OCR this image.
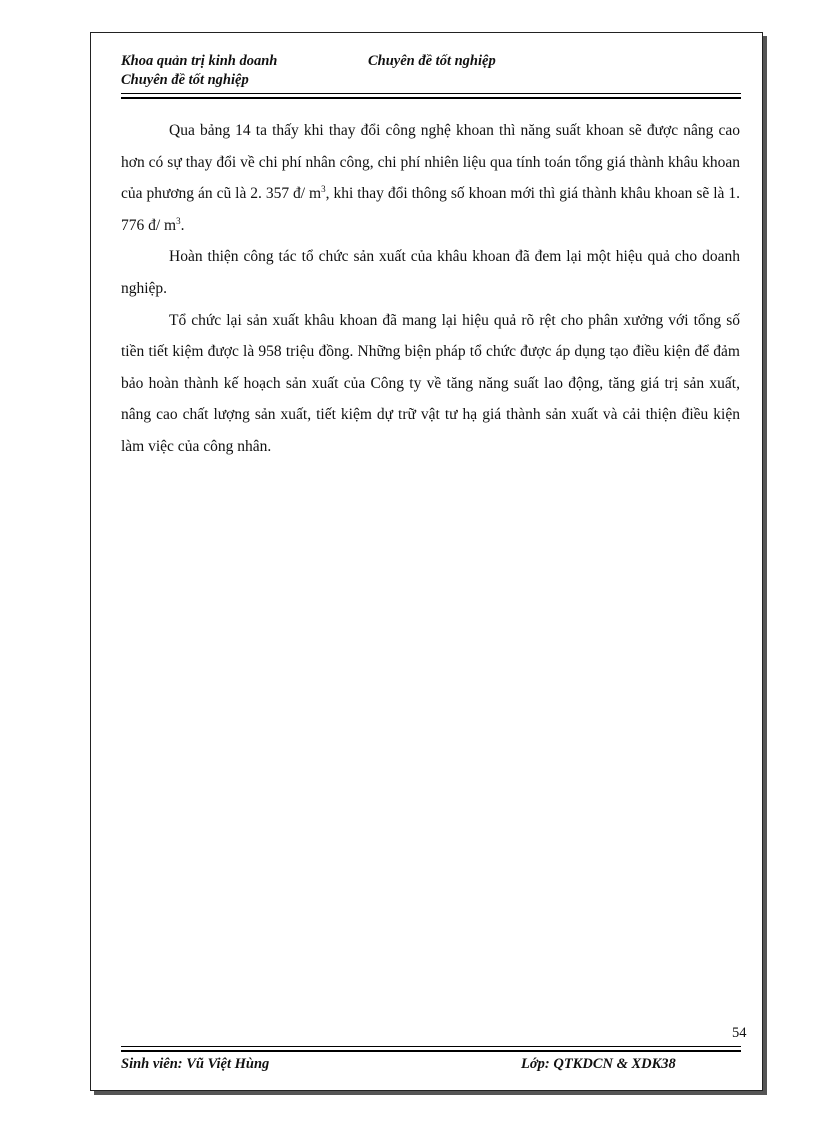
Khoa quản trị kinh doanh	Chuyên đề tốt nghiệp
Chuyên đề tốt nghiệp

Qua bảng 14 ta thấy khi thay đổi công nghệ khoan thì năng suất khoan sẽ được nâng cao hơn có sự thay đổi về chi phí nhân công, chi phí nhiên liệu qua tính toán tổng giá thành khâu khoan của phương án cũ là 2. 357 đ/ $m^3$, khi thay đổi thông số khoan mới thì giá thành khâu khoan sẽ là 1. 776 đ/ $m^3$.

Hoàn thiện công tác tổ chức sản xuất của khâu khoan đã đem lại một hiệu quả cho doanh nghiệp.

Tổ chức lại sản xuất khâu khoan đã mang lại hiệu quả rõ rệt cho phân xưởng với tổng số tiền tiết kiệm được là 958 triệu đồng. Những biện pháp tổ chức được áp dụng tạo điều kiện để đảm bảo hoàn thành kế hoạch sản xuất của Công ty về tăng năng suất lao động, tăng giá trị sản xuất, nâng cao chất lượng sản xuất, tiết kiệm dự trữ vật tư hạ giá thành sản xuất và cải thiện điều kiện làm việc của công nhân.

54
Sinh viên: Vũ Việt Hùng	Lớp: QTKDCN & XDK38
